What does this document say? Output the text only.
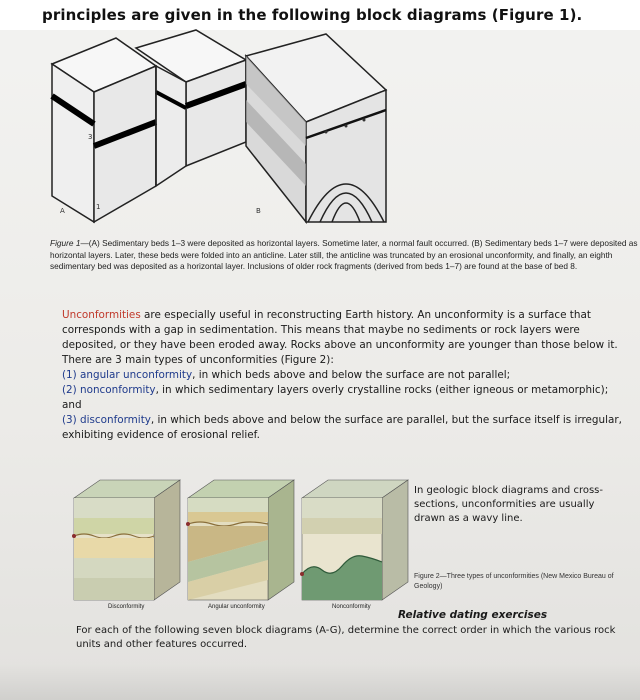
principles are given in the following block diagrams (Figure 1).
3
1
A	B
Figure 1—(A) Sedimentary beds 1–3 were deposited as horizontal layers. Sometime later, a normal fault occurred. (B) Sedimentary beds 1–7 were deposited as horizontal layers. Later, these beds were folded into an anticline. Later still, the anticline was truncated by an erosional unconformity, and finally, an eighth sedimentary bed was deposited as a horizontal layer. Inclusions of older rock fragments (derived from beds 1–7) are found at the base of bed 8.

Unconformities are especially useful in reconstructing Earth history. An unconformity is a surface that corresponds with a gap in sedimentation. This means that maybe no sediments or rock layers were deposited, or they have been eroded away. Rocks above an unconformity are younger than those below it. There are 3 main types of unconformities (Figure 2):

(1) angular unconformity, in which beds above and below the surface are not parallel;

(2) nonconformity, in which sedimentary layers overly crystalline rocks (either igneous or metamorphic); and

(3) disconformity, in which beds above and below the surface are parallel, but the surface itself is irregular, exhibiting evidence of erosional relief.

Disconformity	Angular unconformity	Nonconformity
In geologic block diagrams and cross-sections, unconformities are usually drawn as a wavy line.
Figure 2—Three types of unconformities (New Mexico Bureau of Geology)
Relative dating exercises
For each of the following seven block diagrams (A-G), determine the correct order in which the various rock units and other features occurred.
